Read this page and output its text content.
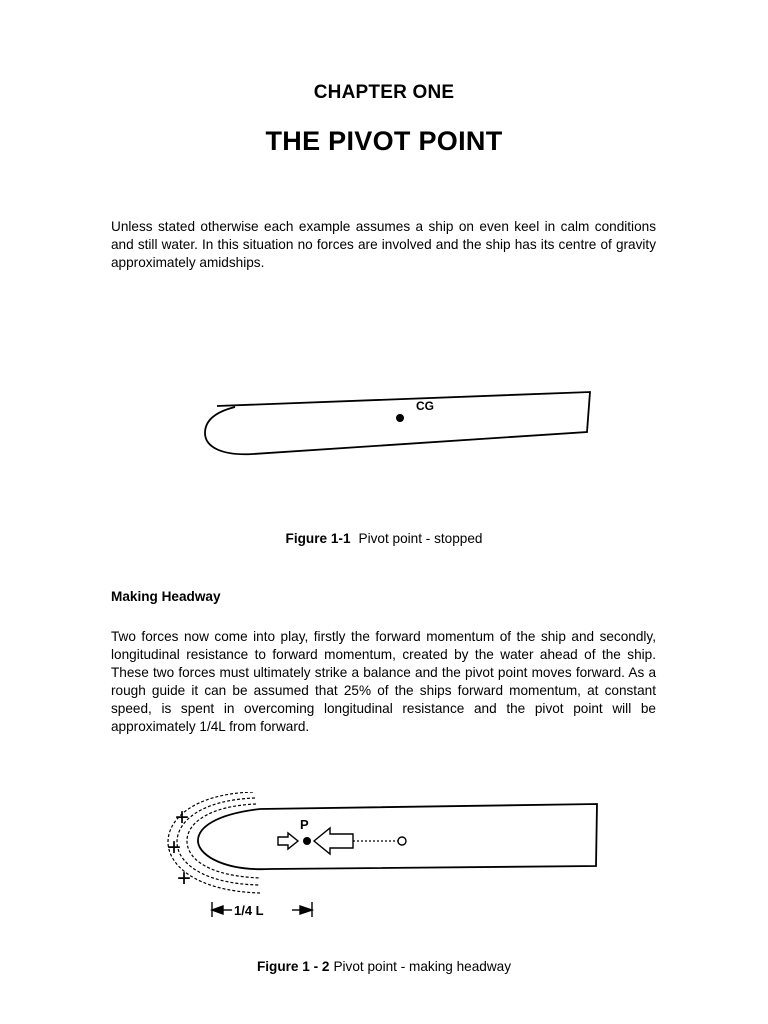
CHAPTER ONE
THE PIVOT POINT
Unless stated otherwise each example assumes a ship on even keel in calm conditions and still water. In this situation no forces are involved and the ship has its centre of gravity approximately amidships.
CG
Figure 1-1 Pivot point - stopped
Making Headway
Two forces now come into play, firstly the forward momentum of the ship and secondly, longitudinal resistance to forward momentum, created by the water ahead of the ship. These two forces must ultimately strike a balance and the pivot point moves forward. As a rough guide it can be assumed that 25% of the ships forward momentum, at constant speed, is spent in overcoming longitudinal resistance and the pivot point will be approximately 1/4L from forward.
+
+
+
P
1/4 L
Figure 1 - 2 Pivot point - making headway
